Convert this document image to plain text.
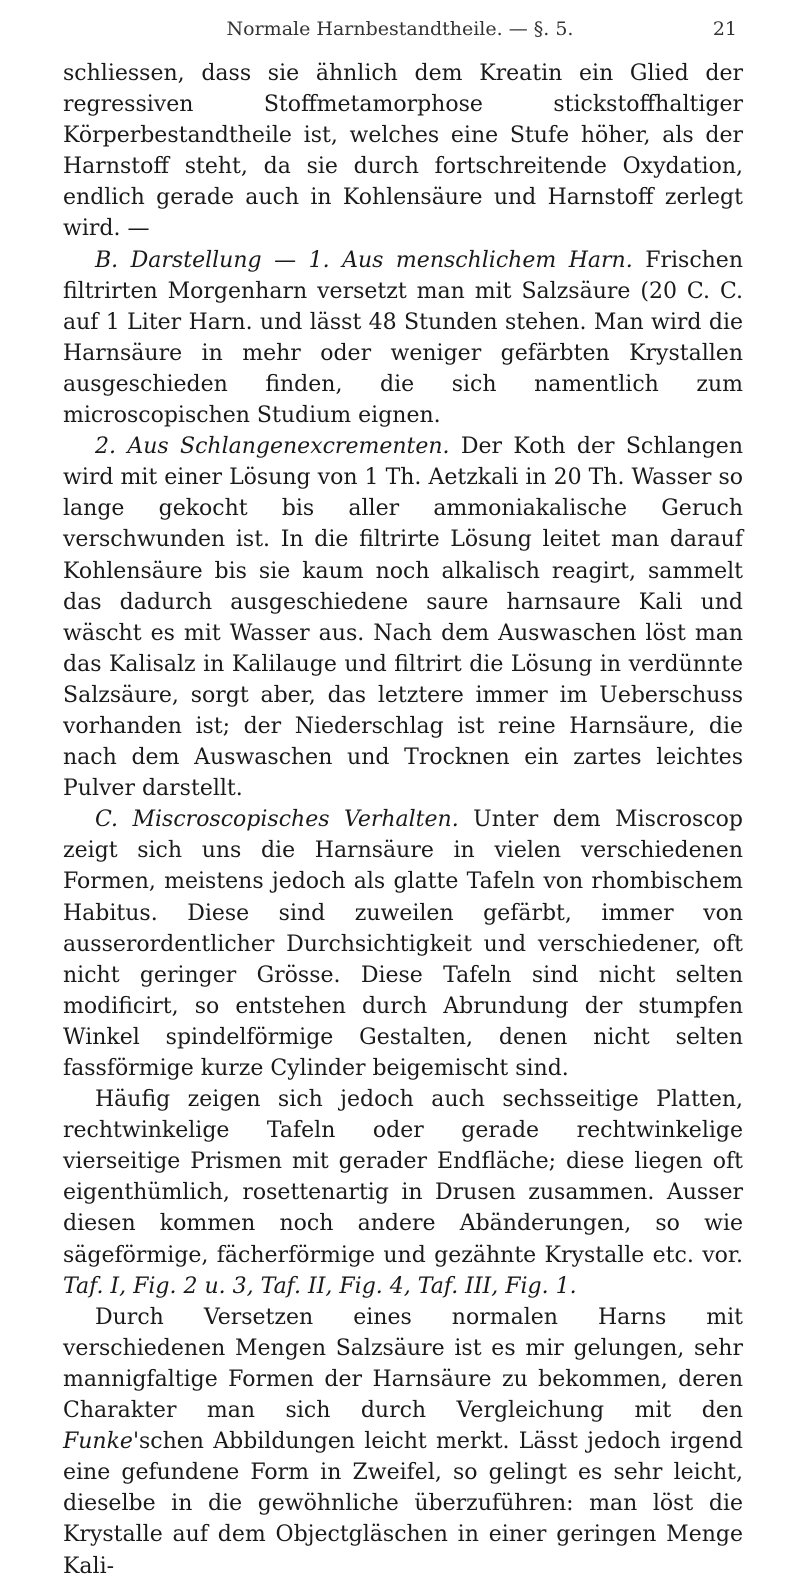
Normale Harnbestandtheile. — §. 5.	21

schliessen, dass sie ähnlich dem Kreatin ein Glied der regressiven Stoffmetamorphose stickstoffhaltiger Körperbestandtheile ist, welches eine Stufe höher, als der Harnstoff steht, da sie durch fortschreitende Oxydation, endlich gerade auch in Kohlensäure und Harnstoff zerlegt wird. —

B. Darstellung — 1. Aus menschlichem Harn. Frischen filtrirten Morgenharn versetzt man mit Salzsäure (20 C. C. auf 1 Liter Harn. und lässt 48 Stunden stehen. Man wird die Harnsäure in mehr oder weniger gefärbten Krystallen ausgeschieden finden, die sich namentlich zum microscopischen Studium eignen.

2. Aus Schlangenexcrementen. Der Koth der Schlangen wird mit einer Lösung von 1 Th. Aetzkali in 20 Th. Wasser so lange gekocht bis aller ammoniakalische Geruch verschwunden ist. In die filtrirte Lösung leitet man darauf Kohlensäure bis sie kaum noch alkalisch reagirt, sammelt das dadurch ausgeschiedene saure harnsaure Kali und wäscht es mit Wasser aus. Nach dem Auswaschen löst man das Kalisalz in Kalilauge und filtrirt die Lösung in verdünnte Salzsäure, sorgt aber, das letztere immer im Ueberschuss vorhanden ist; der Niederschlag ist reine Harnsäure, die nach dem Auswaschen und Trocknen ein zartes leichtes Pulver darstellt.

C. Miscroscopisches Verhalten. Unter dem Miscroscop zeigt sich uns die Harnsäure in vielen verschiedenen Formen, meistens jedoch als glatte Tafeln von rhombischem Habitus. Diese sind zuweilen gefärbt, immer von ausserordentlicher Durchsichtigkeit und verschiedener, oft nicht geringer Grösse. Diese Tafeln sind nicht selten modificirt, so entstehen durch Abrundung der stumpfen Winkel spindelförmige Gestalten, denen nicht selten fassförmige kurze Cylinder beigemischt sind.

Häufig zeigen sich jedoch auch sechsseitige Platten, rechtwinkelige Tafeln oder gerade rechtwinkelige vierseitige Prismen mit gerader Endfläche; diese liegen oft eigenthümlich, rosettenartig in Drusen zusammen. Ausser diesen kommen noch andere Abänderungen, so wie sägeförmige, fächerförmige und gezähnte Krystalle etc. vor. Taf. I, Fig. 2 u. 3, Taf. II, Fig. 4, Taf. III, Fig. 1.

Durch Versetzen eines normalen Harns mit verschiedenen Mengen Salzsäure ist es mir gelungen, sehr mannigfaltige Formen der Harnsäure zu bekommen, deren Charakter man sich durch Vergleichung mit den Funke'schen Abbildungen leicht merkt. Lässt jedoch irgend eine gefundene Form in Zweifel, so gelingt es sehr leicht, dieselbe in die gewöhnliche überzuführen: man löst die Krystalle auf dem Objectgläschen in einer geringen Menge Kali-
